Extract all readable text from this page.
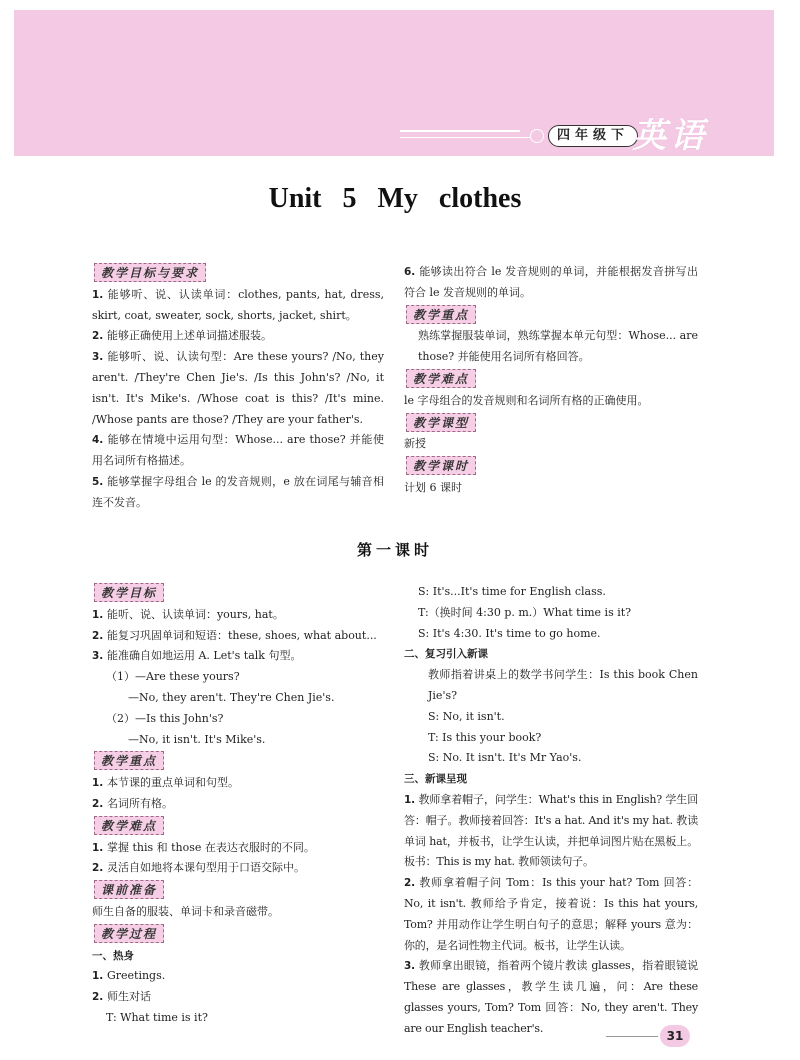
四年级下 英语
Unit 5 My clothes
教学目标与要求
1. 能够听、说、认读单词：clothes, pants, hat, dress, skirt, coat, sweater, sock, shorts, jacket, shirt。
2. 能够正确使用上述单词描述服装。
3. 能够听、说、认读句型：Are these yours? /No, they aren't. /They're Chen Jie's. /Is this John's? /No, it isn't. It's Mike's. /Whose coat is this? /It's mine. /Whose pants are those? /They are your father's.
4. 能够在情境中运用句型：Whose... are those? 并能使用名词所有格描述。
5. 能够掌握字母组合 le 的发音规则，e 放在词尾与辅音相连不发音。
6. 能够读出符合 le 发音规则的单词，并能根据发音拼写出符合 le 发音规则的单词。
教学重点
熟练掌握服装单词，熟练掌握本单元句型：Whose... are those? 并能使用名词所有格回答。
教学难点
le 字母组合的发音规则和名词所有格的正确使用。
教学课型
新授
教学课时
计划 6 课时
第一课时
教学目标
1. 能听、说、认读单词：yours, hat。
2. 能复习巩固单词和短语：these, shoes, what about...
3. 能准确自如地运用 A. Let's talk 句型。
（1）—Are these yours?
—No, they aren't. They're Chen Jie's.
（2）—Is this John's?
—No, it isn't. It's Mike's.
教学重点
1. 本节课的重点单词和句型。
2. 名词所有格。
教学难点
1. 掌握 this 和 those 在表达衣服时的不同。
2. 灵活自如地将本课句型用于口语交际中。
课前准备
师生自备的服装、单词卡和录音磁带。
教学过程
一、热身
1. Greetings.
2. 师生对话
T: What time is it?
S: It's...It's time for English class.
T:（换时间 4:30 p. m.）What time is it?
S: It's 4:30. It's time to go home.
二、复习引入新课
教师指着讲桌上的数学书问学生：Is this book Chen Jie's?
S: No, it isn't.
T: Is this your book?
S: No. It isn't. It's Mr Yao's.
三、新课呈现
1. 教师拿着帽子，问学生：What's this in English? 学生回答：帽子。教师接着回答：It's a hat. And it's my hat. 教读单词 hat，并板书，让学生认读，并把单词图片贴在黑板上。板书：This is my hat. 教师领读句子。
2. 教师拿着帽子问 Tom：Is this your hat? Tom 回答：No, it isn't. 教师给予肯定，接着说：Is this hat yours, Tom? 并用动作让学生明白句子的意思；解释 yours 意为：你的，是名词性物主代词。板书，让学生认读。
3. 教师拿出眼镜，指着两个镜片教读 glasses，指着眼镜说 These are glasses，教学生读几遍，问：Are these glasses yours, Tom? Tom 回答：No, they aren't. They are our English teacher's.
31
